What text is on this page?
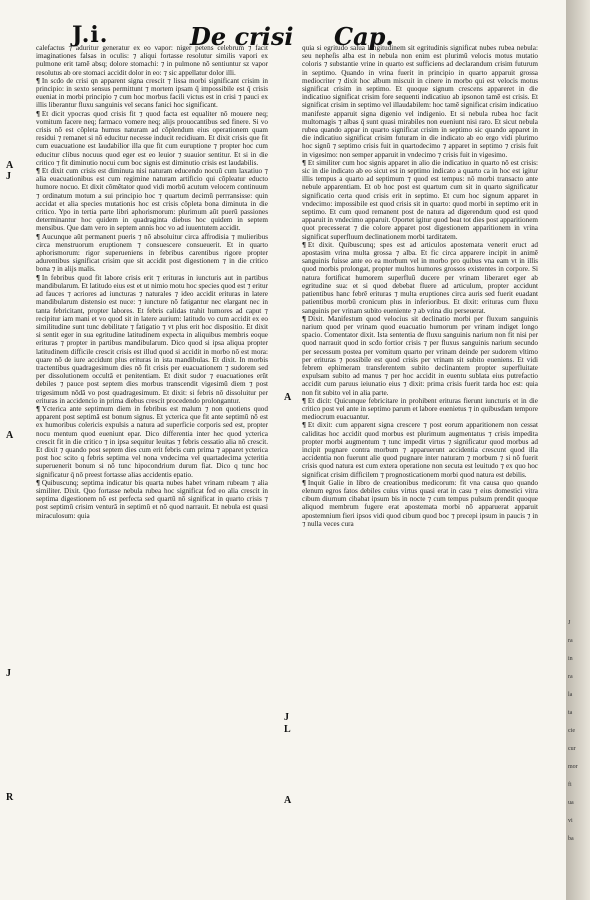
J.i.	De crisi Cap.

calefactus ⁊ aduritur generatur ex eo vapor: niger petens celebrum ⁊ facit imaginationes falsas in oculis: ⁊ aliqui fortasse resolutur similis vapori ex pulmone erit tamē absq; dolore stomachi: ⁊ in pulmone nō sentiuntur sz vapor resolutus ab ore stomaci accidit dolor in eo: ⁊ sic appellatur dolor illi.

¶ In scđo de crisi qn apparent signa crescit ⁊ lissa morbi significant crisim in principio: in sexto sensus permittunt ⁊ mortem ipsam q̄ impossibile est q̄ crisis eueniat in morbi principio ⁊ cum hoc morbus facili victus est in crisi ⁊ pauci ex illis liberantur fluxu sanguinis vel secans fanici hoc significant.

¶ Et dicit ypocras quod crisis fit ⁊ quod facta est equaliter nō mouere neq; vomitum facere neq; farmaco vomere neq; alijs prouocantibus sed finere. Si vo crisis nō est cōpleta humus naturam ad cōplendum eius operationem quam residui ⁊ remanet si nō educitur necesse inducit recidiuam. Et dixit crisis que fit cum euacuatione est laudabilior illa que fit cum euruptione ⁊ propter hoc cum educitur clibus nocuus quod eger est eo leuior ⁊ suauior sentitur. Et si in die critico ⁊ fit diminutio nocui cum boc signis est diminutio crisis est laudabilis.

¶ Et dixit cum crisis est diminuta nisi naturam educendo nocuū cum laxatiuo ⁊ alia euacuationibus est cum regimine naturam artificio qui cōpleatur educto humore nocuo. Et dixit cōmētator quod vidi morbū acutum velocem continuum ⁊ ordinatum motum a sui principio hoc ⁊ quartum decimū perrransisse: quin accidat et alia species mutationis hoc est crisis cōpleta bona diminuta in die critico. Ypo in tertia parte libri aphorismorum: plurimum aūt puerū passiones determinantur hoc quidem in quadraginta diebus hoc quidem in septem mensibus. Que dam vero in septem annis hoc vo ad iuuentutem accidit.

¶ Aucunque aūt permanent pueris ⁊ nō absoluitur circa affrodisia ⁊ mulieribus circa menstruorum eruptionem ⁊ consuescere consueuerit. Et in quarto aphorismorum: rigor superueniens in febribus carentibus rigore propter adurentibus significat crisim que sit accidit post digestionem ⁊ in die critico bona ⁊ in alijs malis.

¶ In febribus quod fit labore crisis erit ⁊ erituras in iuncturis aut in partibus mandibularum. Et latitudo eius est et ut nimio motu hoc species quod est ⁊ eritur ad fauces ⁊ acriores ad iuncturas ⁊ naturales ⁊ ideo accidit erituras in latere mandibularum distensio est nuce: ⁊ iuncture nō fatigantur nec elargant nec in tanta febricitant, propter labores. Et febris calidas trahit humores ad caput ⁊ recipitur iam mani et vo quod sit in latere aurium: latitudo vo cum accidit ex eo similitudine sunt tunc debilitate ⁊ fatigatio ⁊ vt plus erit hoc dispositio. Et dixit si sentit eger in sua egritudine latitudinem expecta in aliquibus membris eoque erituras ⁊ propter in partibus mandibularum. Dico quod si ipsa aliqua propter latitudinem difficile crescit crisis est illud quod si accidit in morbo nō est mora: quare nō de iure accidunt plus erituras in ista mandibulas. Et dixit. In morbis tractentibus quadragesimum dies nō fit crisis per euacuationem ⁊ sudorem sed per dissolutionem occultā et penitentiam. Et dixit sudor ⁊ euacuationes erūt debiles ⁊ pauce post septem dies morbus transcendit vigesimū diem ⁊ post trigesimum nōdā vo post quadragesimum. Et dixit: si febris nō dissoluitur per erituras in accidencio in prima diebus crescit procedendo prolongantur.

¶ Ycterica ante septimum diem in febribus est malum ⁊ non quotiens quod apparent post septimā est bonum signus. Et ycterica que fit ante septimū nō est ex humoribus colericis expulsis a natura ad superficie corporis sed est, propter nocu mentum quod eueniunt epar. Dico differentia inter hec quod ycterica crescit fit in die critico ⁊ in ipsa sequitur leuitas ⁊ febris cessatio alia nō crescit. Et dixit ⁊ quando post septem dies cum erit febris cum prima ⁊ apparet ycterica post hoc scito q febris septima vel nona vndecima vel quartadecima ycteritia superuenerit bonum si nō tunc hipocondrium durum fiat. Dico q tunc hoc significatur q̄ nō preest fortasse alias accidentis epatio.

¶ Quibuscunq; septima indicatur bis quarta nubes habet vrinam rubeam ⁊ alia similiter. Dixit. Quo fortasse nebula rubea hoc significat fed eo alia crescit in septima digestionem nō est perfecta sed quartū nō significat in quarto crisis ⁊ post septimū crisim venturā in septimū et nō quod narrauit. Et nebula est quasi miraculosum: quia

quia si egritudo salua longitudinem sit egritudinis significat nubes rubea nebula: seu nepheſis alba est in nebula non enim est plurimū velocis motus mutatio coloris ⁊ substantie vrine in quarto est sufficiens ad declarandum crisim futurum in septimo. Quando in vrina fuerit in principio in quarto apparuit grossa mediocriter ⁊ dixit hoc album miscuit in cinere in morbo qui est velocis motus significat crisim in septimo. Et quoque signum crescens appareret in die indicatiuo significat crisim fore sequenti indicatiuo ab ipsonon tamē est crisis. Et significat crisim in septimo vel illaudabilem: hoc tamē significat crisim indicatiuo manifeste apparuit signa digenio vel indigenio. Et si nebula rubea hoc facit multomagis ⁊ albas q̄ sunt quasi mirabiles non eueniunt nisi raro. Et sicut nebula rubea quando appar in quarto significat crisim in septimo sic quando apparet in die indicatiuo significat crisim futuram in die indicato ab eo ergo vidi plurimo hoc signū ⁊ septimo crisis fuit in quartodecimo ⁊ apparet in septimo ⁊ crisis fuit in vigesimo: non semper apparuit in vndecimo ⁊ crisis fuit in vigesimo.

¶ Et similiter cum hoc signis apparet in alio die indicatiuo in quarto nō est crisis: sic in die indicato ab eo sicut est in septimo indicato a quarto ca in hoc est igitur illis tempus a quarto ad septimum ⁊ quod est tempus: nō morbi transacto ante nebule apparentiam. Et ob hoc post est quartum cum sit in quarto significatur significatio certa quod crisis erit in septimo. Et cum hoc signum apparet in vndecimo: impossibile est quod crisis sit in quarto: quod morbi in septimo erit in septimo. Et cum quod remanent post de natura ad digerendum quod est quod apparuit in vndecimo apparuit. Oportet igitur quod beat tot dies post apparitionem quot precesserat ⁊ die colore apparet post digestionem apparitionem in vrina significat superfluum declinationem morbi tarditatem.

¶ Et dixit. Quibuscunq; spes est ad articulos apostemata venerit eruct ad apostasim vrina multa grossa ⁊ alba. Et fic circa apparere incipit in animē sanguinis fuisse ante eo ea morbum vel in morbo pro quibus vna eam vt in illis quod morbis prolongat, propter multos humores grossos existentes in corpore. Si natura fortificat humorem superfluū ducere per vrinam liberaret eger ab egritudine sua: et si quod debebat fluere ad articulum, propter accidunt patientibus hanc febrē erituras ⁊ multa eruptiones circa auris sed fuerit euadant patientibus morbū cronicum plus in inferioribus. Et dixit: erituras cum fluxu sanguinis per vrinam subito eueniente ⁊ ab vrina diu perseuerat.

¶ Dixit. Manifestum quod velocius sit declinatio morbi per fluxum sanguinis narium quod per vrinam quod euacuatio humorum per vrinam indiget longo spacio. Comentator dixit. Ista sententia de fluxu sanguinis narium non fit nisi per quod narrauit quod in scđo fortior crisis ⁊ per fluxus sanguinis narium secundo per secessum postea per vomitum quarto per vrinam deinde per sudorem vltimo per erituras ⁊ possibile est quod crisis per vrinam sit subito eueniens. Et vidi febrem ephimeram transferentem subito declinantem propter superfluitate expulsam subito ad manus ⁊ per hoc accidit in euentu sublata eius putrefactio accidit cum paruus ieiunatio eius ⁊ dixit: prima crisis fuerit tarda hoc est: quia non fit subito vel in alia parte.

¶ Et dicit: Quicunque febricitare in prohibent erituras fierunt iuncturis et in die critico post vel ante in septimo parum et labore euenietus ⁊ in quibusdam tempore mediocrum euacuantur.

¶ Et dixit: cum apparent signa crescere ⁊ post eorum apparitionem non cessat caliditas hoc accidit quod morbus est plurimum augmentatus ⁊ crisis impedita propter morbi augmentum ⁊ tunc impedit virtus ⁊ significatur quod morbus ad incipit pugnare contra morbum ⁊ apparuerunt accidentia crescunt quod illa accidentia non fuerunt alie quod pugnare inter naturam ⁊ morbum ⁊ si nō fuerit crisis quod natura est cum extera operatione non secuta est leuitudo ⁊ ex quo hoc significat crisim difficilem ⁊ prognosticationem morbi quod natura est debilis.

¶ Inquit Galie in libro de creationibus medicorum: fit vna causa quo quando elenum egros fatos debiles cuius virtus quasi erat in casu ⁊ eius domestici vitra cibum diurnum cibabat ipsum bis in nocte ⁊ cum tempus pulsum prendit quoque aliquod membrum fugere erat apostemata morbi nō apparuerat apparuit apostemnium fieri ipsos vidi quod cibum quod boc ⁊ precepi ipsum in paucis ⁊ in ⁊ nulla veces cura

A
J
A
J
R
A
J
L
A
J
ra
in
ra
la
ta
cie
cur
mor
fi
ua
vi
ba
